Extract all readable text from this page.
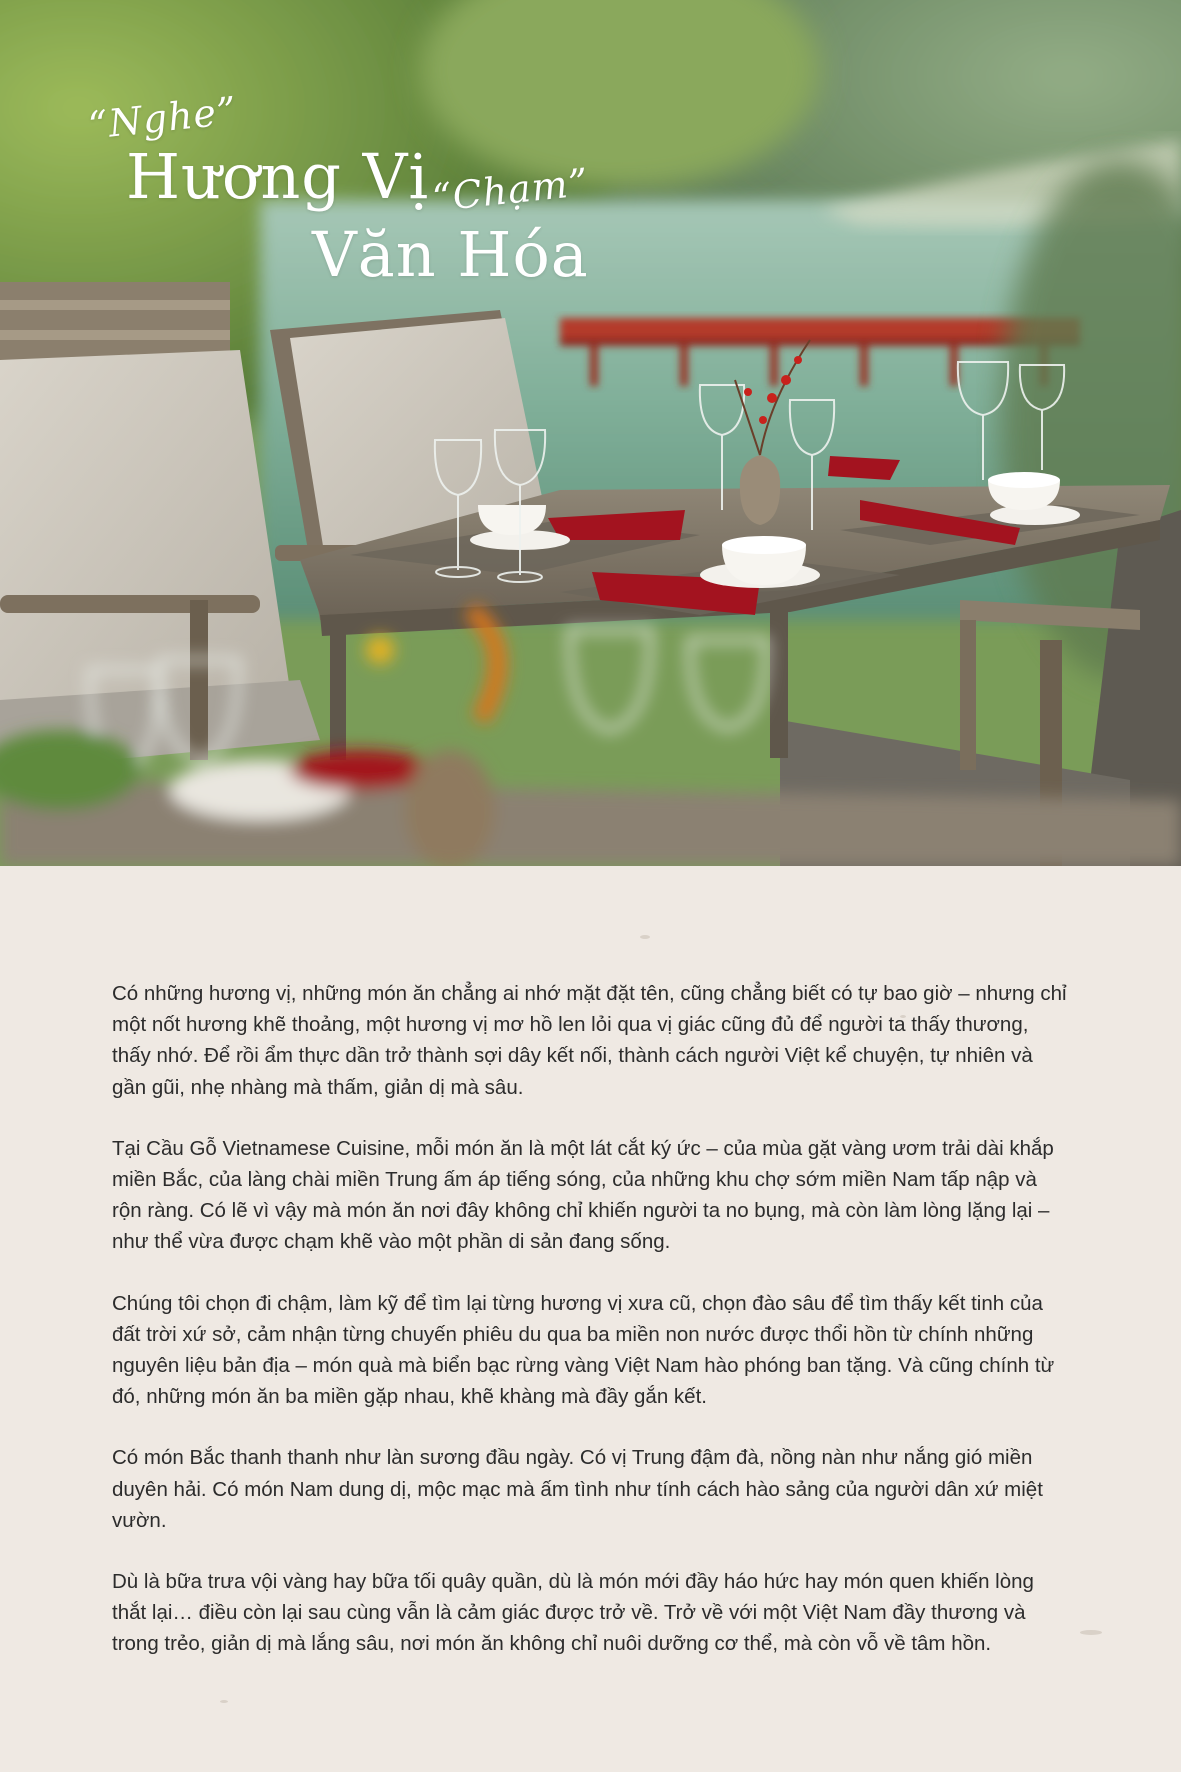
“Nghe”
Hương Vị “Chạm”
Văn Hóa

Có những hương vị, những món ăn chẳng ai nhớ mặt đặt tên, cũng chẳng biết có tự bao giờ – nhưng chỉ một nốt hương khẽ thoảng, một hương vị mơ hồ len lỏi qua vị giác cũng đủ để người ta thấy thương, thấy nhớ. Để rồi ẩm thực dần trở thành sợi dây kết nối, thành cách người Việt kể chuyện, tự nhiên và gần gũi, nhẹ nhàng mà thấm, giản dị mà sâu.

Tại Cầu Gỗ Vietnamese Cuisine, mỗi món ăn là một lát cắt ký ức – của mùa gặt vàng ươm trải dài khắp miền Bắc, của làng chài miền Trung ấm áp tiếng sóng, của những khu chợ sớm miền Nam tấp nập và rộn ràng. Có lẽ vì vậy mà món ăn nơi đây không chỉ khiến người ta no bụng, mà còn làm lòng lặng lại – như thể vừa được chạm khẽ vào một phần di sản đang sống.

Chúng tôi chọn đi chậm, làm kỹ để tìm lại từng hương vị xưa cũ, chọn đào sâu để tìm thấy kết tinh của đất trời xứ sở, cảm nhận từng chuyến phiêu du qua ba miền non nước được thổi hồn từ chính những nguyên liệu bản địa – món quà mà biển bạc rừng vàng Việt Nam hào phóng ban tặng. Và cũng chính từ đó, những món ăn ba miền gặp nhau, khẽ khàng mà đầy gắn kết.

Có món Bắc thanh thanh như làn sương đầu ngày. Có vị Trung đậm đà, nồng nàn như nắng gió miền duyên hải. Có món Nam dung dị, mộc mạc mà ấm tình như tính cách hào sảng của người dân xứ miệt vườn.

Dù là bữa trưa vội vàng hay bữa tối quây quần, dù là món mới đầy háo hức hay món quen khiến lòng thắt lại… điều còn lại sau cùng vẫn là cảm giác được trở về. Trở về với một Việt Nam đầy thương và trong trẻo, giản dị mà lắng sâu, nơi món ăn không chỉ nuôi dưỡng cơ thể, mà còn vỗ về tâm hồn.
